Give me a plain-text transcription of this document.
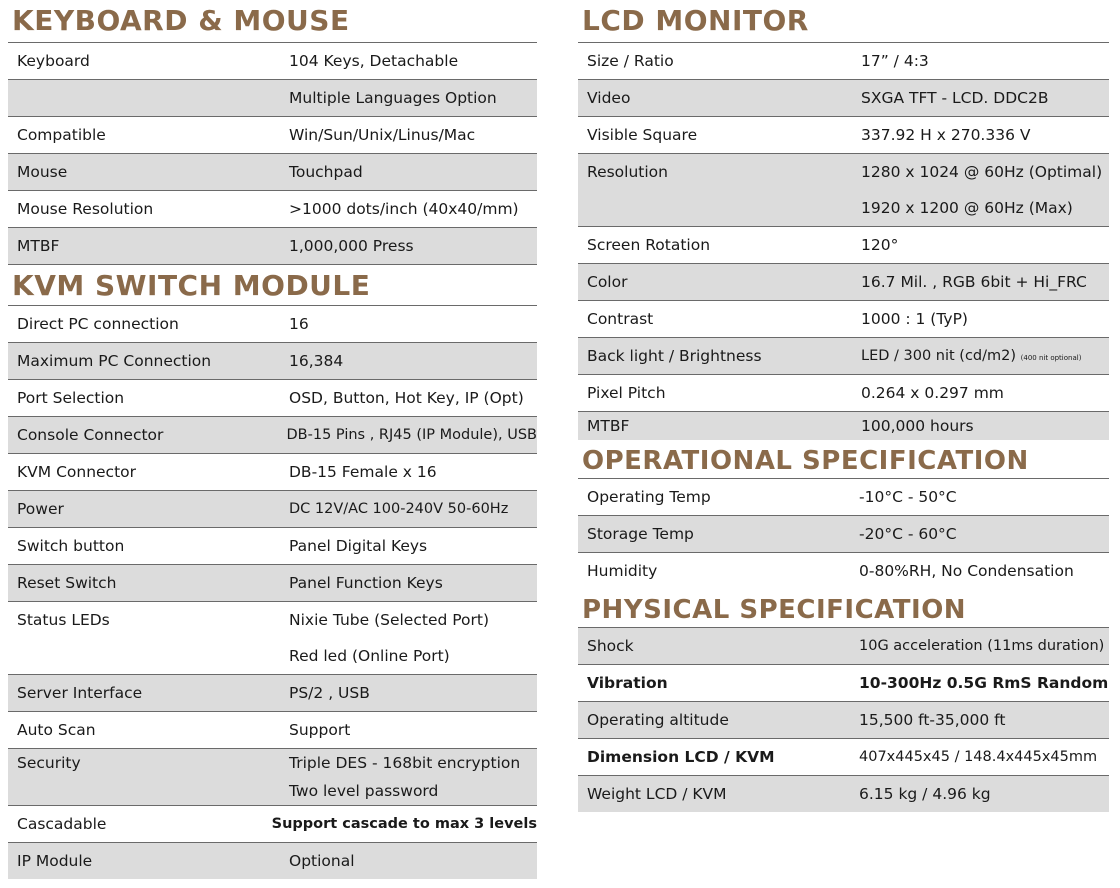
KEYBOARD & MOUSE
Keyboard	104 Keys, Detachable
Multiple Languages Option
Compatible	Win/Sun/Unix/Linus/Mac
Mouse	Touchpad
Mouse Resolution	>1000 dots/inch (40x40/mm)
MTBF	1,000,000 Press
KVM SWITCH MODULE
Direct PC connection	16
Maximum PC Connection	16,384
Port Selection	OSD, Button, Hot Key, IP (Opt)
Console Connector	DB-15 Pins , RJ45 (IP Module), USB
KVM Connector	DB-15 Female x 16
Power	DC 12V/AC 100-240V 50-60Hz
Switch button	Panel Digital Keys
Reset Switch	Panel Function Keys
Status LEDs	Nixie Tube (Selected Port)
Red led (Online Port)
Server Interface	PS/2 , USB
Auto Scan	Support
Security	Triple DES - 168bit encryption
Two level password
Cascadable	Support cascade to max 3 levels
IP Module	Optional
LCD MONITOR
Size / Ratio	17” / 4:3
Video	SXGA TFT - LCD. DDC2B
Visible Square	337.92 H x 270.336 V
Resolution	1280 x 1024 @ 60Hz (Optimal)
1920 x 1200 @ 60Hz (Max)
Screen Rotation	120°
Color	16.7 Mil. , RGB 6bit + Hi_FRC
Contrast	1000 : 1 (TyP)
Back light / Brightness	LED / 300 nit (cd/m2) (400 nit optional)
Pixel Pitch	0.264 x 0.297 mm
MTBF	100,000 hours
OPERATIONAL SPECIFICATION
Operating Temp	-10°C - 50°C
Storage Temp	-20°C - 60°C
Humidity	0-80%RH, No Condensation
PHYSICAL SPECIFICATION
Shock	10G acceleration (11ms duration)
Vibration	10-300Hz 0.5G RmS Random
Operating altitude	15,500 ft-35,000 ft
Dimension LCD / KVM	407x445x45 / 148.4x445x45mm
Weight LCD / KVM	6.15 kg / 4.96 kg
